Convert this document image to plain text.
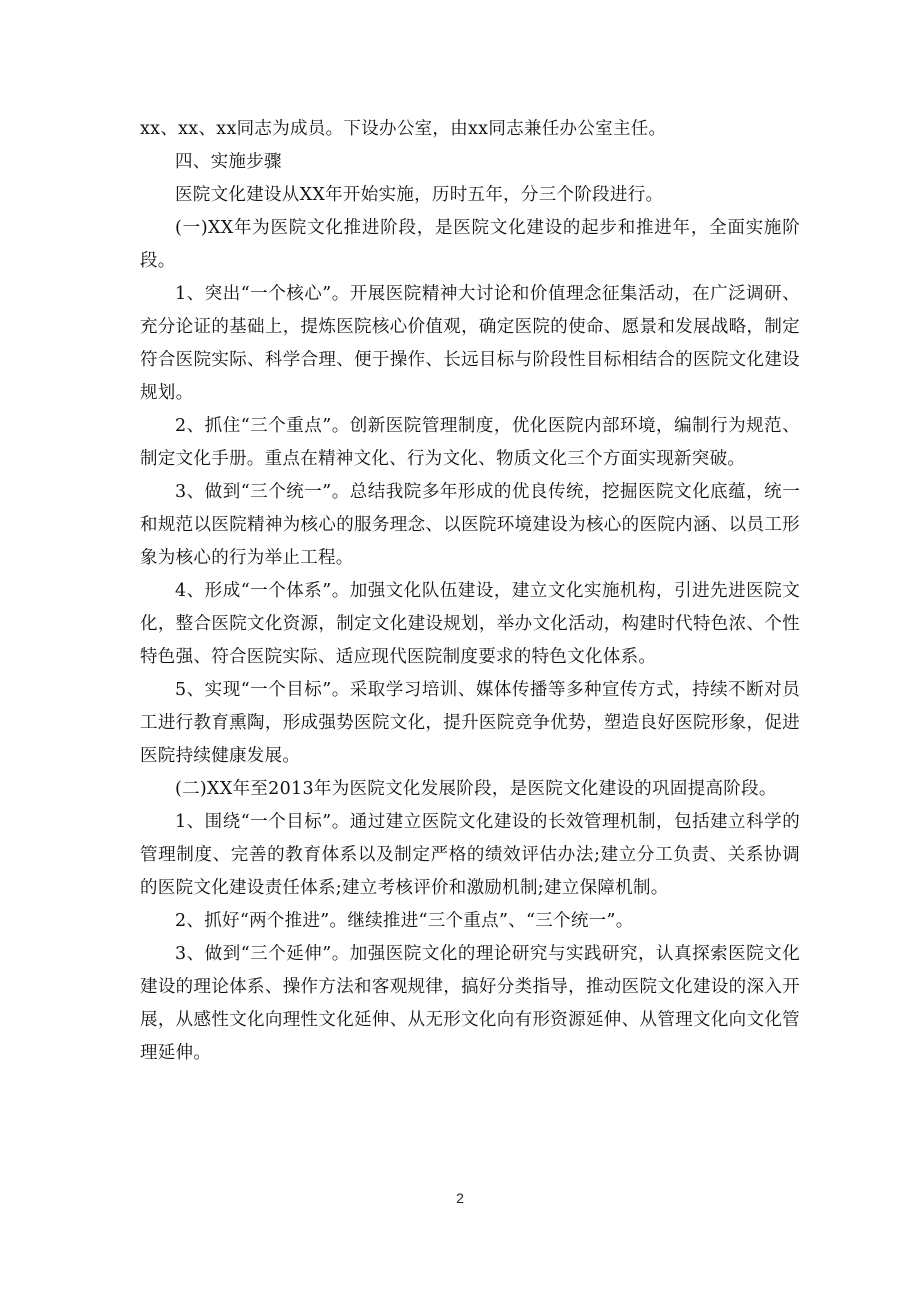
xx、xx、xx同志为成员。下设办公室，由xx同志兼任办公室主任。

四、实施步骤

医院文化建设从XX年开始实施，历时五年，分三个阶段进行。

(一)XX年为医院文化推进阶段，是医院文化建设的起步和推进年，全面实施阶段。

1、突出“一个核心”。开展医院精神大讨论和价值理念征集活动，在广泛调研、充分论证的基础上，提炼医院核心价值观，确定医院的使命、愿景和发展战略，制定符合医院实际、科学合理、便于操作、长远目标与阶段性目标相结合的医院文化建设规划。

2、抓住“三个重点”。创新医院管理制度，优化医院内部环境，编制行为规范、制定文化手册。重点在精神文化、行为文化、物质文化三个方面实现新突破。

3、做到“三个统一”。总结我院多年形成的优良传统，挖掘医院文化底蕴，统一和规范以医院精神为核心的服务理念、以医院环境建设为核心的医院内涵、以员工形象为核心的行为举止工程。

4、形成“一个体系”。加强文化队伍建设，建立文化实施机构，引进先进医院文化，整合医院文化资源，制定文化建设规划，举办文化活动，构建时代特色浓、个性特色强、符合医院实际、适应现代医院制度要求的特色文化体系。

5、实现“一个目标”。采取学习培训、媒体传播等多种宣传方式，持续不断对员工进行教育熏陶，形成强势医院文化，提升医院竞争优势，塑造良好医院形象，促进医院持续健康发展。

(二)XX年至2013年为医院文化发展阶段，是医院文化建设的巩固提高阶段。

1、围绕“一个目标”。通过建立医院文化建设的长效管理机制，包括建立科学的管理制度、完善的教育体系以及制定严格的绩效评估办法;建立分工负责、关系协调的医院文化建设责任体系;建立考核评价和激励机制;建立保障机制。

2、抓好“两个推进”。继续推进“三个重点”、“三个统一”。

3、做到“三个延伸”。加强医院文化的理论研究与实践研究，认真探索医院文化建设的理论体系、操作方法和客观规律，搞好分类指导，推动医院文化建设的深入开展，从感性文化向理性文化延伸、从无形文化向有形资源延伸、从管理文化向文化管理延伸。

2
